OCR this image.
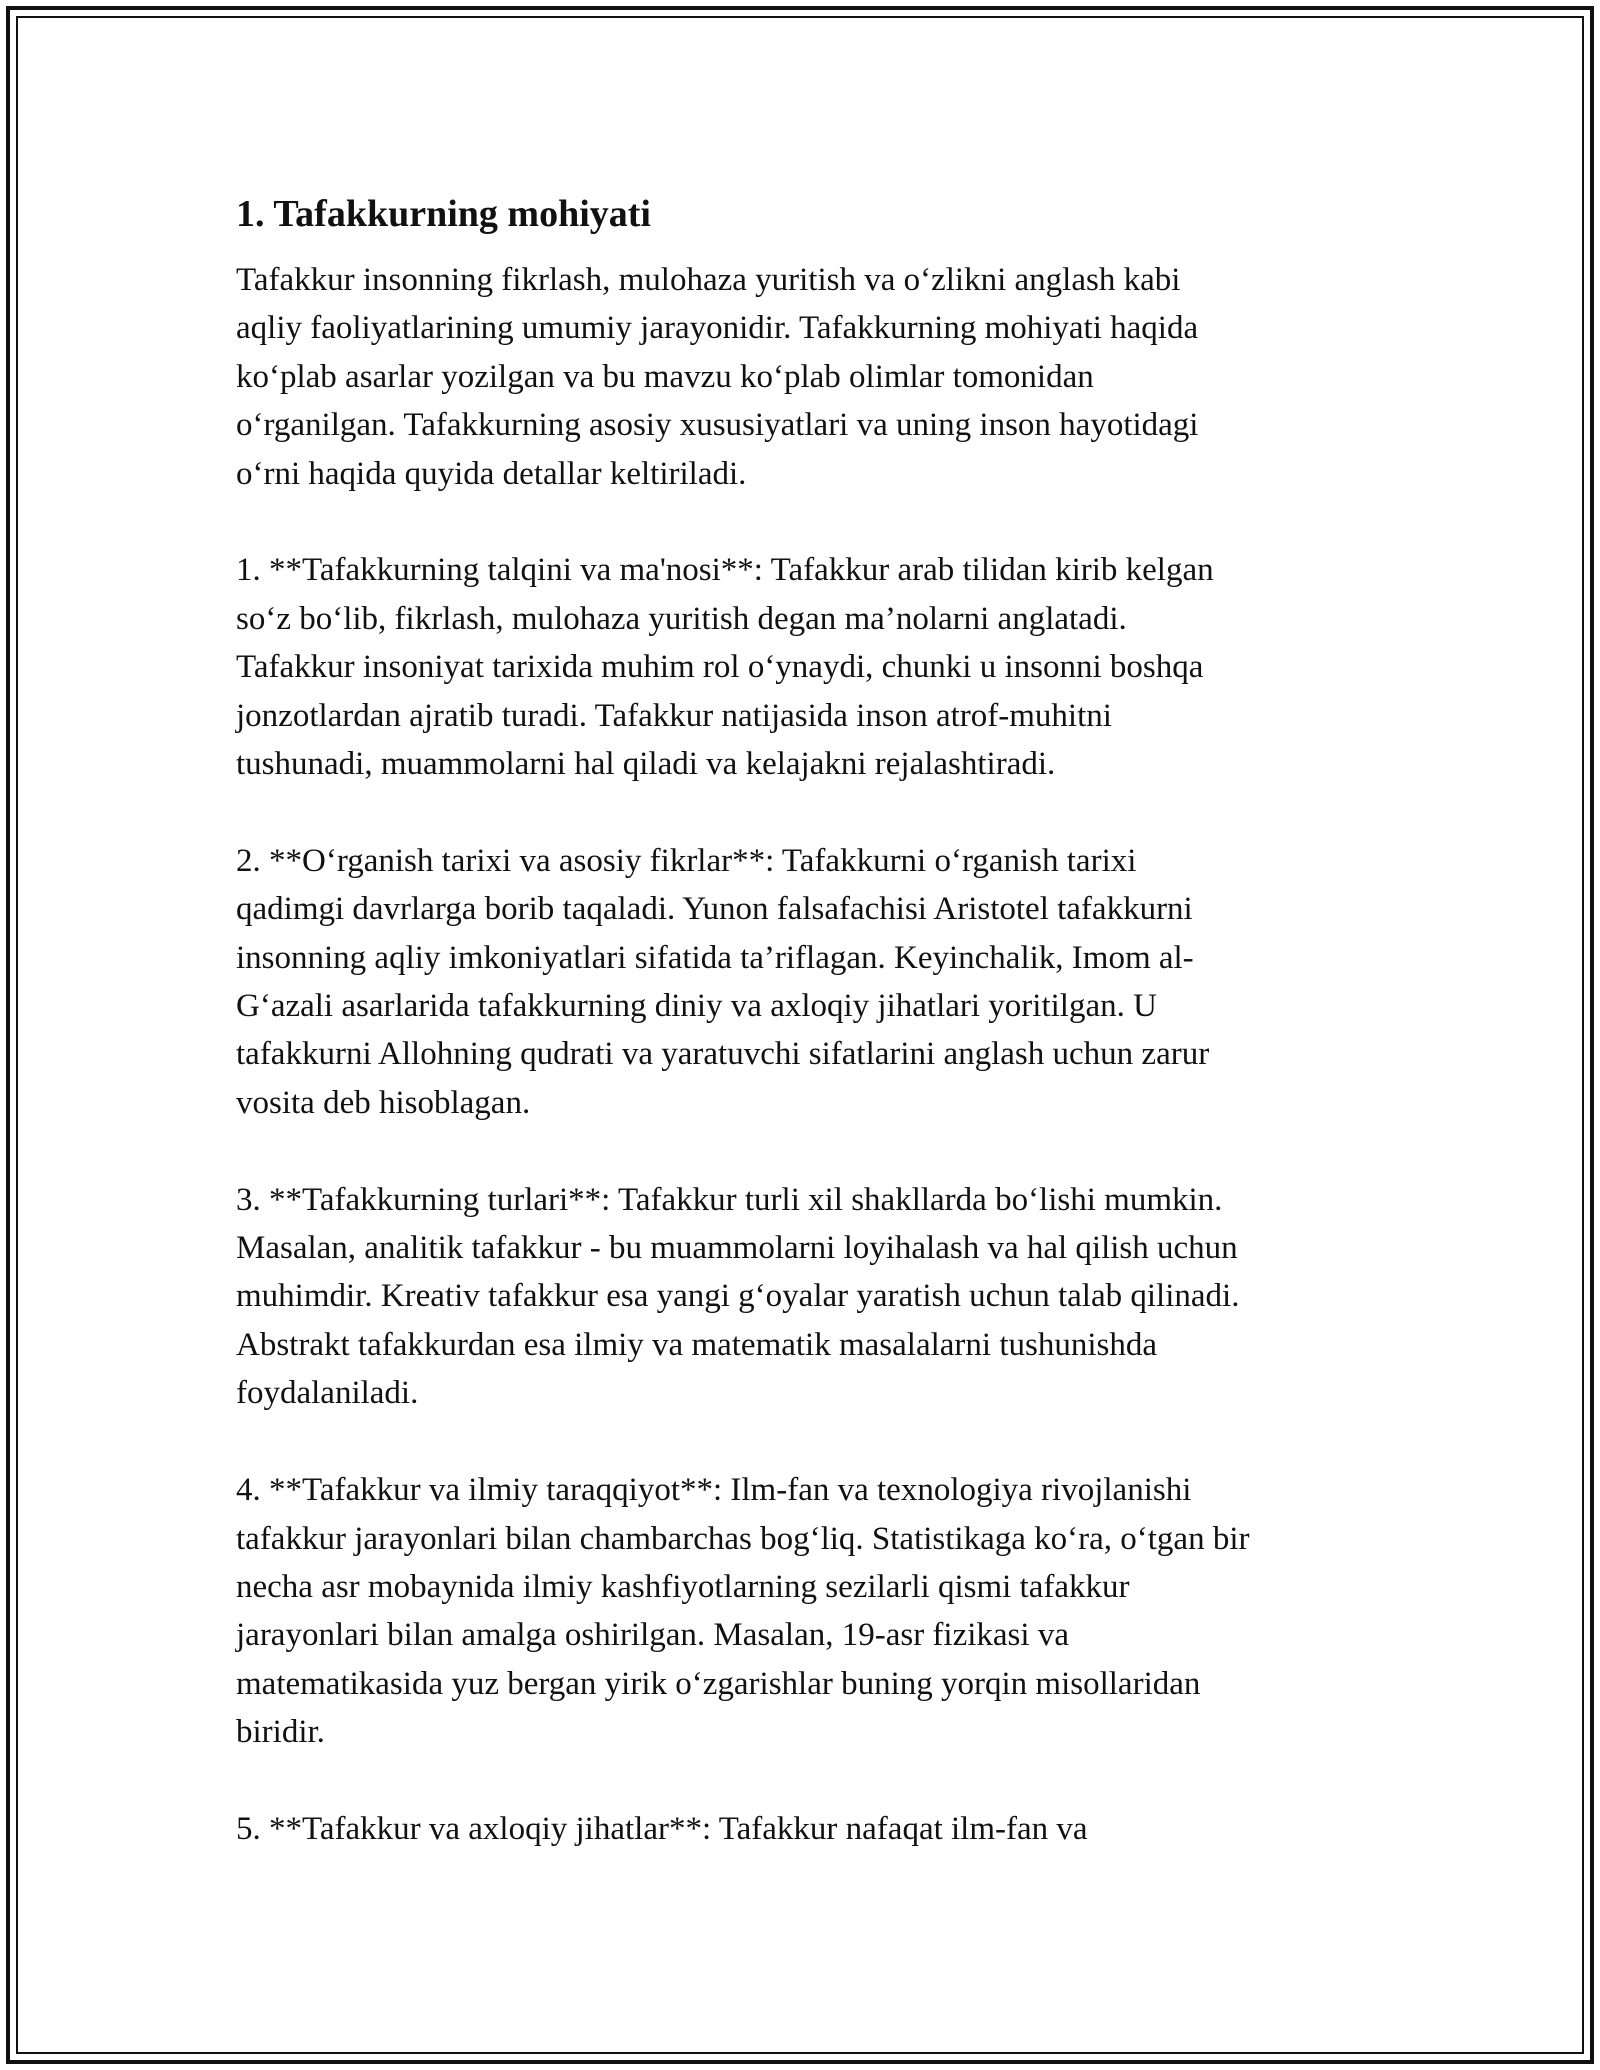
1. Tafakkurning mohiyati

Tafakkur insonning fikrlash, mulohaza yuritish va o‘zlikni anglash kabi
aqliy faoliyatlarining umumiy jarayonidir. Tafakkurning mohiyati haqida
ko‘plab asarlar yozilgan va bu mavzu ko‘plab olimlar tomonidan
o‘rganilgan. Tafakkurning asosiy xususiyatlari va uning inson hayotidagi
o‘rni haqida quyida detallar keltiriladi.

1. **Tafakkurning talqini va ma'nosi**: Tafakkur arab tilidan kirib kelgan
so‘z bo‘lib, fikrlash, mulohaza yuritish degan ma’nolarni anglatadi.
Tafakkur insoniyat tarixida muhim rol o‘ynaydi, chunki u insonni boshqa
jonzotlardan ajratib turadi. Tafakkur natijasida inson atrof-muhitni
tushunadi, muammolarni hal qiladi va kelajakni rejalashtiradi.

2. **O‘rganish tarixi va asosiy fikrlar**: Tafakkurni o‘rganish tarixi
qadimgi davrlarga borib taqaladi. Yunon falsafachisi Aristotel tafakkurni
insonning aqliy imkoniyatlari sifatida ta’riflagan. Keyinchalik, Imom al-
G‘azali asarlarida tafakkurning diniy va axloqiy jihatlari yoritilgan. U
tafakkurni Allohning qudrati va yaratuvchi sifatlarini anglash uchun zarur
vosita deb hisoblagan.

3. **Tafakkurning turlari**: Tafakkur turli xil shakllarda bo‘lishi mumkin.
Masalan, analitik tafakkur - bu muammolarni loyihalash va hal qilish uchun
muhimdir. Kreativ tafakkur esa yangi g‘oyalar yaratish uchun talab qilinadi.
Abstrakt tafakkurdan esa ilmiy va matematik masalalarni tushunishda
foydalaniladi.

4. **Tafakkur va ilmiy taraqqiyot**: Ilm-fan va texnologiya rivojlanishi
tafakkur jarayonlari bilan chambarchas bog‘liq. Statistikaga ko‘ra, o‘tgan bir
necha asr mobaynida ilmiy kashfiyotlarning sezilarli qismi tafakkur
jarayonlari bilan amalga oshirilgan. Masalan, 19-asr fizikasi va
matematikasida yuz bergan yirik o‘zgarishlar buning yorqin misollaridan
biridir.

5. **Tafakkur va axloqiy jihatlar**: Tafakkur nafaqat ilm-fan va
